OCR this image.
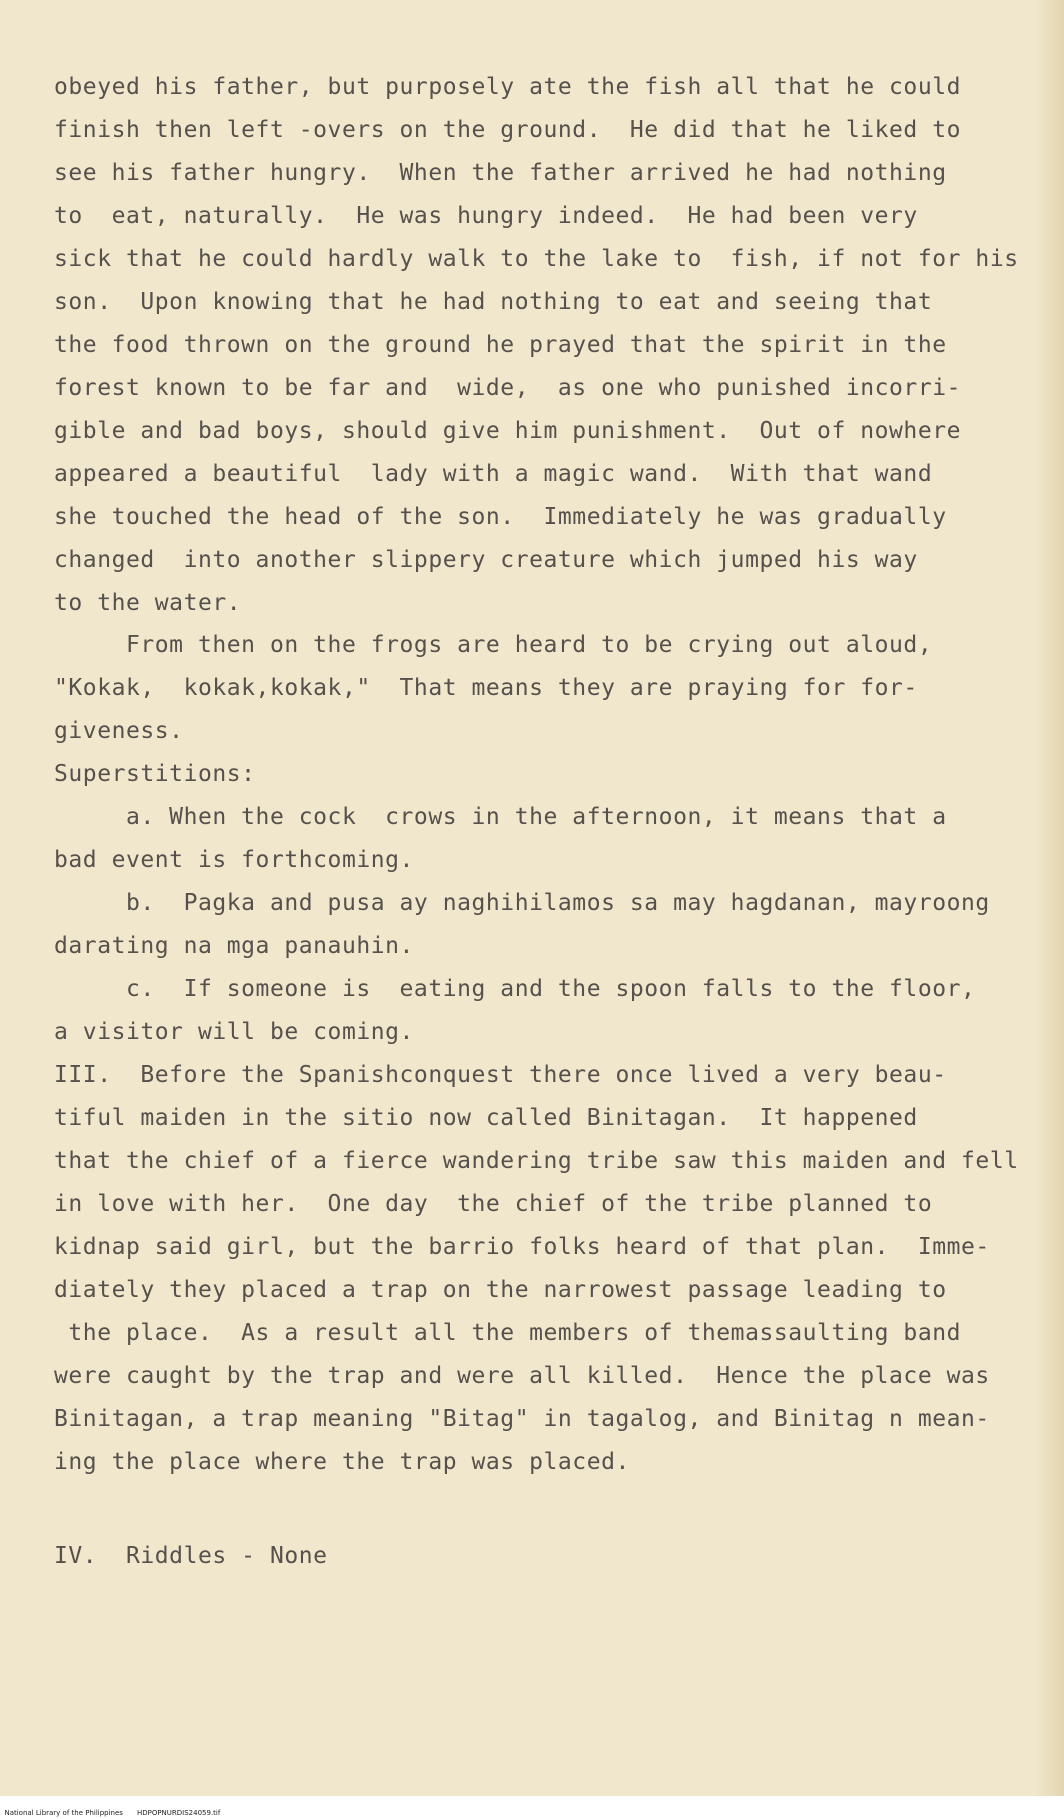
obeyed his father, but purposely ate the fish all that he could

finish then left -overs on the ground.  He did that he liked to

see his father hungry.  When the father arrived he had nothing

to  eat, naturally.  He was hungry indeed.  He had been very

sick that he could hardly walk to the lake to  fish, if not for his

son.  Upon knowing that he had nothing to eat and seeing that

the food thrown on the ground he prayed that the spirit in the

forest known to be far and  wide,  as one who punished incorri-

gible and bad boys, should give him punishment.  Out of nowhere

appeared a beautiful  lady with a magic wand.  With that wand

she touched the head of the son.  Immediately he was gradually

changed  into another slippery creature which jumped his way

to the water.

From then on the frogs are heard to be crying out aloud,

"Kokak,  kokak,kokak,"  That means they are praying for for-

giveness.

Superstitions:

a. When the cock  crows in the afternoon, it means that a

bad event is forthcoming.

b.  Pagka and pusa ay naghihilamos sa may hagdanan, mayroong

darating na mga panauhin.

c.  If someone is  eating and the spoon falls to the floor,

a visitor will be coming.

III.  Before the Spanishconquest there once lived a very beau-

tiful maiden in the sitio now called Binitagan.  It happened

that the chief of a fierce wandering tribe saw this maiden and fell

in love with her.  One day  the chief of the tribe planned to

kidnap said girl, but the barrio folks heard of that plan.  Imme-

diately they placed a trap on the narrowest passage leading to

the place.  As a result all the members of themassaulting band

were caught by the trap and were all killed.  Hence the place was

Binitagan, a trap meaning "Bitag" in tagalog, and Binitag n mean-

ing the place where the trap was placed.

IV.  Riddles - None

National Library of the Philippines HDPOPNURDIS24059.tif
